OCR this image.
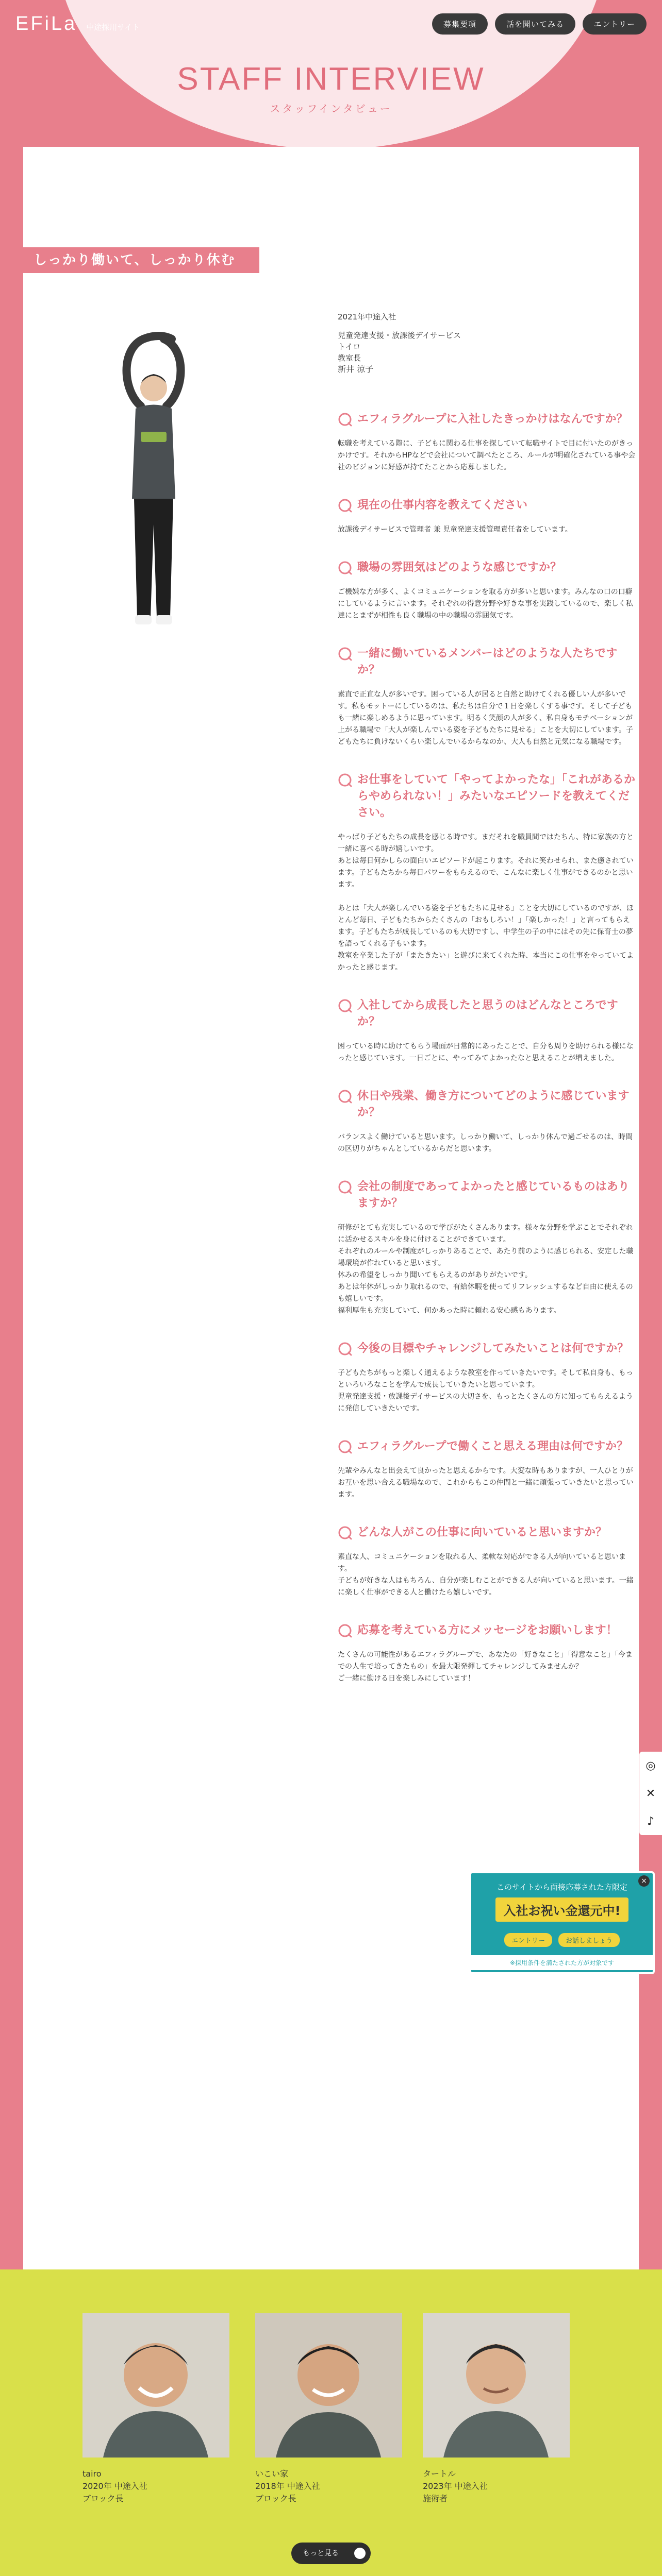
EFiLa 中途採用サイト	募集要項	話を聞いてみる	エントリー
STAFF INTERVIEW
スタッフインタビュー
しっかり働いて、しっかり休む
2021年中途入社
児童発達支援・放課後デイサービス
トイロ
教室長
新井 涼子
エフィラグループに入社したきっかけはなんですか？
転職を考えている際に、子どもに関わる仕事を探していて転職サイトで目に付いたのがきっかけです。それからHPなどで会社について調べたところ、ルールが明確化されている事や会社のビジョンに好感が持てたことから応募しました。
現在の仕事内容を教えてください
放課後デイサービスで管理者 兼 児童発達支援管理責任者をしています。
職場の雰囲気はどのような感じですか？
ご機嫌な方が多く、よくコミュニケーションを取る方が多いと思います。みんなの口の口癖にしているように言います。それぞれの得意分野や好きな事を実践しているので、楽しく私達にとまずが相性も良く職場の中の職場の雰囲気です。
一緒に働いているメンバーはどのような人たちですか？
素直で正直な人が多いです。困っている人が居ると自然と助けてくれる優しい人が多いです。私もモットーにしているのは、私たちは自分で１日を楽しくする事です。そして子どもも一緒に楽しめるように思っています。明るく笑顔の人が多く、私自身もモチベーションが上がる職場で「大人が楽しんでいる姿を子どもたちに見せる」ことを大切にしています。子どもたちに負けないくらい楽しんでいるからなのか、大人も自然と元気になる職場です。
お仕事をしていて「やってよかったな」「これがあるからやめられない！」みたいなエピソードを教えてください。
やっぱり子どもたちの成長を感じる時です。まだそれを職員間ではたちん、特に家族の方と一緒に喜べる時が嬉しいです。
あとは毎日何かしらの面白いエピソードが起こります。それに笑わせられ、また癒されています。子どもたちから毎日パワーをもらえるので、こんなに楽しく仕事ができるのかと思います。

あとは「大人が楽しんでいる姿を子どもたちに見せる」ことを大切にしているのですが、ほとんど毎日、子どもたちからたくさんの「おもしろい！」「楽しかった！」と言ってもらえます。子どもたちが成長しているのも大切ですし、中学生の子の中にはその先に保育士の夢を語ってくれる子もいます。
教室を卒業した子が「またきたい」と遊びに来てくれた時、本当にこの仕事をやっていてよかったと感じます。
入社してから成長したと思うのはどんなところですか？
困っている時に助けてもらう場面が日常的にあったことで、自分も周りを助けられる様になったと感じています。一日ごとに、やってみてよかったなと思えることが増えました。
休日や残業、働き方についてどのように感じていますか？
バランスよく働けていると思います。しっかり働いて、しっかり休んで過ごせるのは、時間の区切りがちゃんとしているからだと思います。
会社の制度であってよかったと感じているものはありますか？
研修がとても充実しているので学びがたくさんあります。様々な分野を学ぶことでそれぞれに活かせるスキルを身に付けることができています。
それぞれのルールや制度がしっかりあることで、あたり前のように感じられる、安定した職場環境が作れていると思います。
休みの希望をしっかり聞いてもらえるのがありがたいです。
あとは年休がしっかり取れるので、有給休暇を使ってリフレッシュするなど自由に使えるのも嬉しいです。
福利厚生も充実していて、何かあった時に頼れる安心感もあります。
今後の目標やチャレンジしてみたいことは何ですか？
子どもたちがもっと楽しく通えるような教室を作っていきたいです。そして私自身も、もっといろいろなことを学んで成長していきたいと思っています。
児童発達支援・放課後デイサービスの大切さを、もっとたくさんの方に知ってもらえるように発信していきたいです。
エフィラグループで働くこと思える理由は何ですか？
先輩やみんなと出会えて良かったと思えるからです。大変な時もありますが、一人ひとりがお互いを思い合える職場なので、これからもこの仲間と一緒に頑張っていきたいと思っています。
どんな人がこの仕事に向いていると思いますか？
素直な人、コミュニケーションを取れる人、柔軟な対応ができる人が向いていると思います。
子どもが好きな人はもちろん、自分が楽しむことができる人が向いていると思います。一緒に楽しく仕事ができる人と働けたら嬉しいです。
応募を考えている方にメッセージをお願いします！
たくさんの可能性があるエフィラグループで、あなたの「好きなこと」「得意なこと」「今までの人生で培ってきたもの」を最大限発揮してチャレンジしてみませんか？
ご一緒に働ける日を楽しみにしています！
◎
✕
♪
×
このサイトから面接応募された方限定
入社お祝い金還元中!
エントリー	お話しましょう
※採用条件を満たされた方が対象です
tairo
2020年 中途入社
ブロック長
いこい家
2018年 中途入社
ブロック長
タートル
2023年 中途入社
施術者
もっと見る
